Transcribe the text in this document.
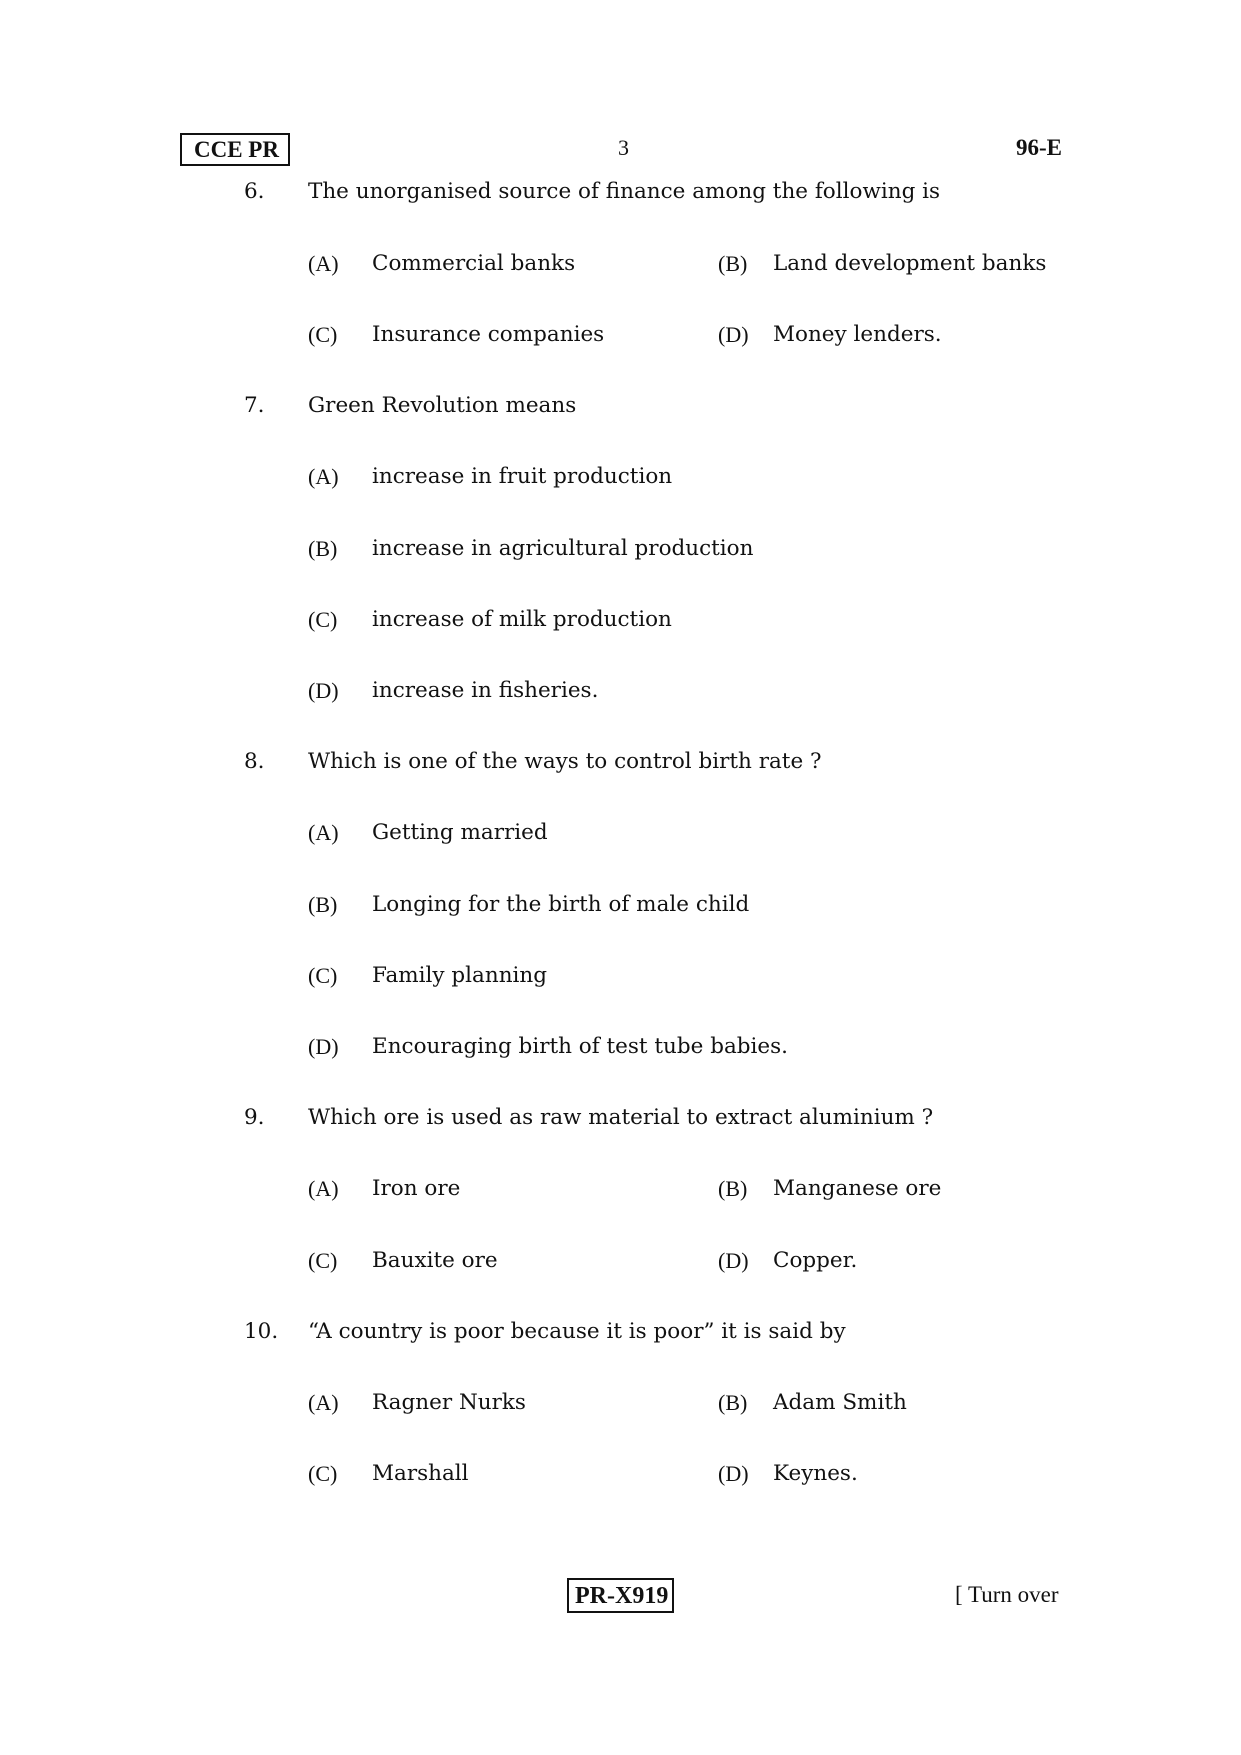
CCE PR	3	96-E
6. The unorganised source of finance among the following is
(A) Commercial banks	(B) Land development banks
(C) Insurance companies	(D) Money lenders.
7. Green Revolution means
(A) increase in fruit production
(B) increase in agricultural production
(C) increase of milk production
(D) increase in fisheries.
8. Which is one of the ways to control birth rate ?
(A) Getting married
(B) Longing for the birth of male child
(C) Family planning
(D) Encouraging birth of test tube babies.
9. Which ore is used as raw material to extract aluminium ?
(A) Iron ore	(B) Manganese ore
(C) Bauxite ore	(D) Copper.
10. “A country is poor because it is poor” it is said by
(A) Ragner Nurks	(B) Adam Smith
(C) Marshall	(D) Keynes.
PR-X919	[ Turn over
